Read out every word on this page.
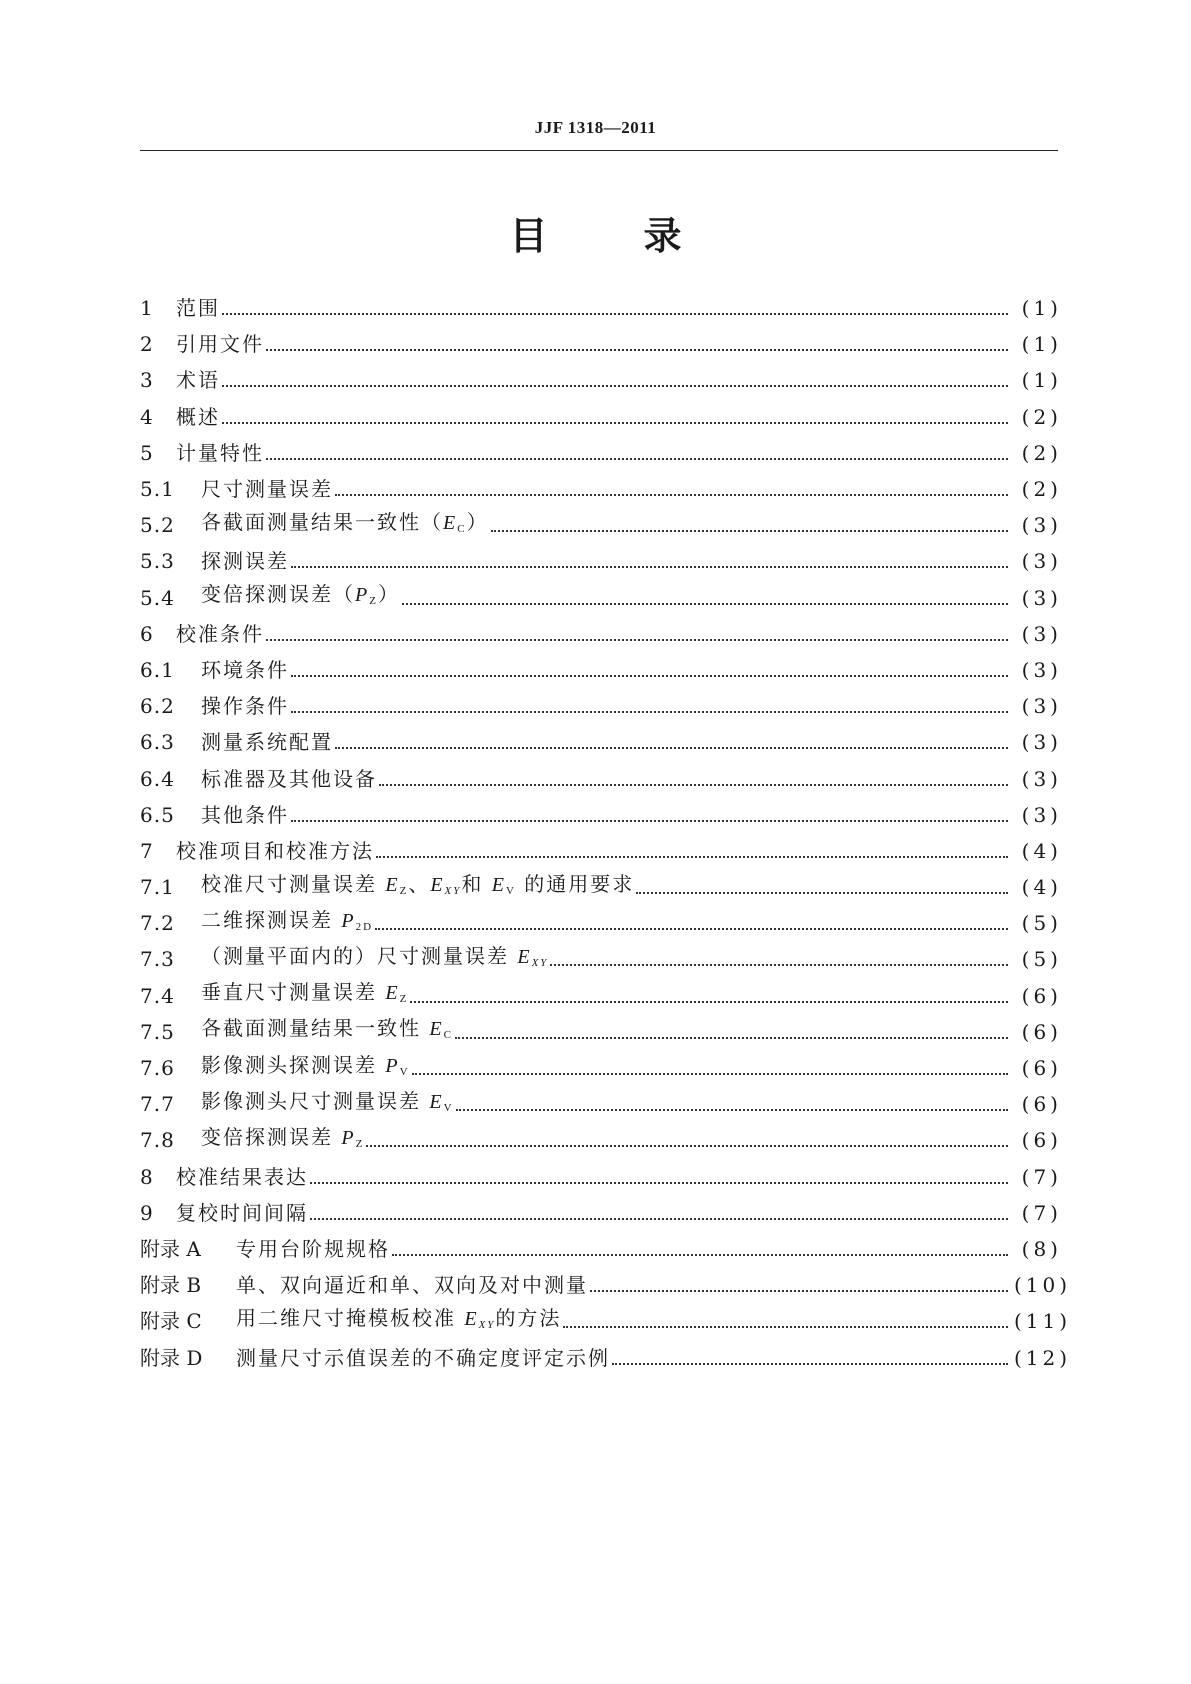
JJF 1318—2011
目	录
1	范围	(1)
2	引用文件	(1)
3	术语	(1)
4	概述	(2)
5	计量特性	(2)
5.1	尺寸测量误差	(2)
5.2	各截面测量结果一致性$(E_C)$	(3)
5.3	探测误差	(3)
5.4	变倍探测误差$(P_Z)$	(3)
6	校准条件	(3)
6.1	环境条件	(3)
6.2	操作条件	(3)
6.3	测量系统配置	(3)
6.4	标准器及其他设备	(3)
6.5	其他条件	(3)
7	校准项目和校准方法	(4)
7.1	校准尺寸测量误差 $E_Z$、$E_{XY}$和 $E_V$ 的通用要求	(4)
7.2	二维探测误差 $P_{2D}$	(5)
7.3	（测量平面内的）尺寸测量误差 $E_{XY}$	(5)
7.4	垂直尺寸测量误差 $E_Z$	(6)
7.5	各截面测量结果一致性 $E_C$	(6)
7.6	影像测头探测误差 $P_V$	(6)
7.7	影像测头尺寸测量误差 $E_V$	(6)
7.8	变倍探测误差 $P_Z$	(6)
8	校准结果表达	(7)
9	复校时间间隔	(7)
附录 A	专用台阶规规格	(8)
附录 B	单、双向逼近和单、双向及对中测量	(10)
附录 C	用二维尺寸掩模板校准 $E_{XY}$的方法	(11)
附录 D	测量尺寸示值误差的不确定度评定示例	(12)
